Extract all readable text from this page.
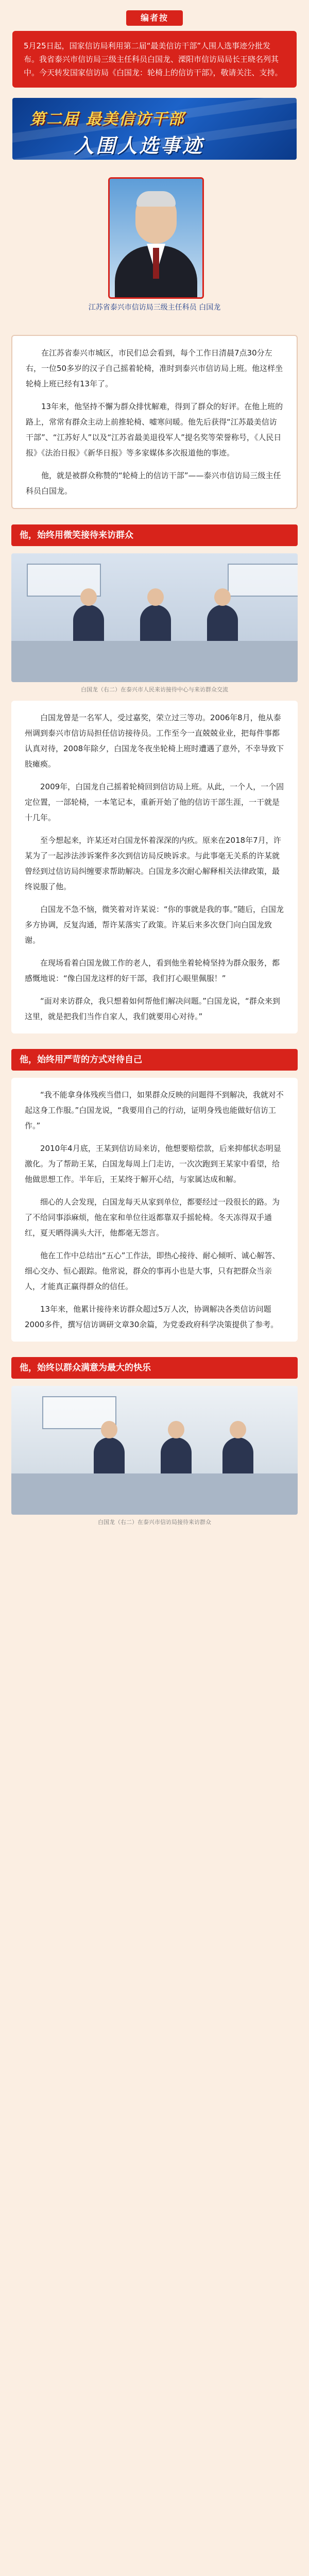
编者按
5月25日起，国家信访局利用第二届“最美信访干部”人围人选事迹分批发布。我省泰兴市信访局三级主任科员白国龙、溧阳市信访局局长王晓名列其中。今天转发国家信访局《白国龙：轮椅上的信访干部》，敬请关注、支持。
第二届 最美信访干部
入围人选事迹
江苏省泰兴市信访局三级主任科员 白国龙

在江苏省泰兴市城区，市民们总会看到，每个工作日清晨7点30分左右，一位50多岁的汉子自己摇着轮椅，准时到泰兴市信访局上班。他这样坐轮椅上班已经有13年了。

13年来，他坚持不懈为群众排忧解难，得到了群众的好评。在他上班的路上，常常有群众主动上前推轮椅、嘘寒问暖。他先后获得“江苏最美信访干部”、“江苏好人”以及“江苏省最美退役军人”提名奖等荣誉称号，《人民日报》《法治日报》《新华日报》等多家媒体多次报道他的事迹。

他，就是被群众称赞的“轮椅上的信访干部”——泰兴市信访局三级主任科员白国龙。

他，始终用微笑接待来访群众
白国龙（右二）在泰兴市人民来访接待中心与来访群众交流

白国龙曾是一名军人，受过嘉奖，荣立过三等功。2006年8月，他从泰州调到泰兴市信访局担任信访接待员。工作至今一直兢兢业业，把每件事都认真对待，2008年除夕，白国龙冬夜坐轮椅上班时遭遇了意外，不幸导致下肢瘫痪。

2009年，白国龙自己摇着轮椅回到信访局上班。从此，一个人，一个固定位置，一部轮椅，一本笔记本，重新开始了他的信访干部生涯，一干就是十几年。

至今想起来，许某还对白国龙怀着深深的内疚。原来在2018年7月，许某为了一起涉法涉诉案件多次到信访局反映诉求。与此事毫无关系的许某就曾经到过信访局纠缠要求帮助解决。白国龙多次耐心解释相关法律政策，最终说服了他。

白国龙不急不恼，微笑着对许某说：“你的事就是我的事。”随后，白国龙多方协调，反复沟通，帮许某落实了政策。许某后来多次登门向白国龙致谢。

在现场看着白国龙做工作的老人，看到他坐着轮椅坚持为群众服务，都感慨地说：“像白国龙这样的好干部，我们打心眼里佩服！”

“面对来访群众，我只想着如何帮他们解决问题。”白国龙说，“群众来到这里，就是把我们当作自家人，我们就要用心对待。”

他，始终用严苛的方式对待自己

“我不能拿身体残疾当借口，如果群众反映的问题得不到解决，我就对不起这身工作服。”白国龙说，“我要用自己的行动，证明身残也能做好信访工作。”

2010年4月底，王某到信访局来访，他想要赔偿款，后来抑郁状态明显激化。为了帮助王某，白国龙每周上门走访，一次次跑到王某家中看望，给他做思想工作。半年后，王某终于解开心结，与家属达成和解。

细心的人会发现，白国龙每天从家到单位，都要经过一段很长的路。为了不给同事添麻烦，他在家和单位往返都靠双手摇轮椅。冬天冻得双手通红，夏天晒得满头大汗，他都毫无怨言。

他在工作中总结出“五心”工作法，即热心接待、耐心倾听、诚心解答、细心交办、恒心跟踪。他常说，群众的事再小也是大事，只有把群众当亲人，才能真正赢得群众的信任。

13年来，他累计接待来访群众超过5万人次，协调解决各类信访问题2000多件，撰写信访调研文章30余篇，为党委政府科学决策提供了参考。

他，始终以群众满意为最大的快乐
白国龙（右二）在泰兴市信访局接待来访群众
